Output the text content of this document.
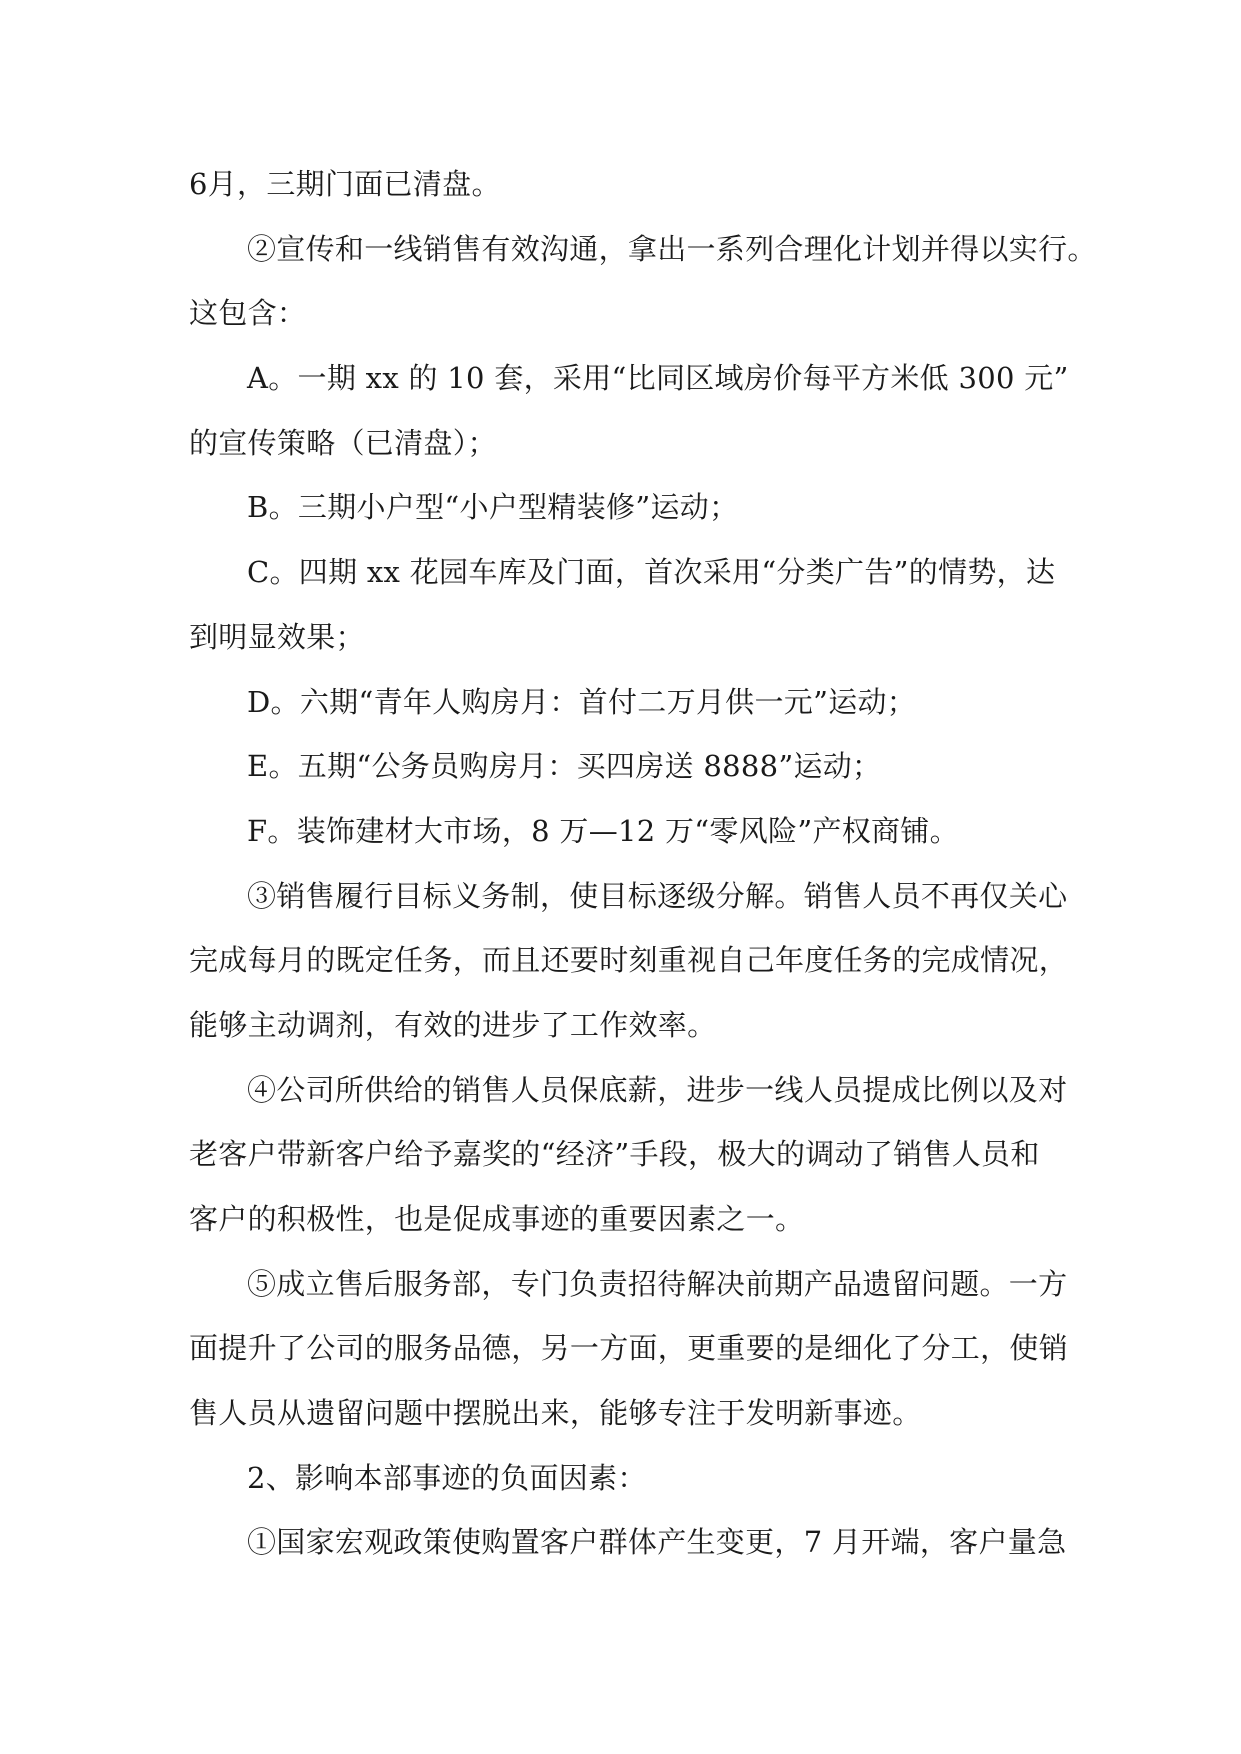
6月，三期门面已清盘。
②宣传和一线销售有效沟通，拿出一系列合理化计划并得以实行。
这包含：
A。一期 xx 的 10 套，采用“比同区域房价每平方米低 300 元”
的宣传策略（已清盘）；
B。三期小户型“小户型精装修”运动；
C。四期 xx 花园车库及门面，首次采用“分类广告”的情势，达
到明显效果；
D。六期“青年人购房月：首付二万月供一元”运动；
E。五期“公务员购房月：买四房送 8888”运动；
F。装饰建材大市场，8 万—12 万“零风险”产权商铺。
③销售履行目标义务制，使目标逐级分解。销售人员不再仅关心
完成每月的既定任务，而且还要时刻重视自己年度任务的完成情况，
能够主动调剂，有效的进步了工作效率。
④公司所供给的销售人员保底薪，进步一线人员提成比例以及对
老客户带新客户给予嘉奖的“经济”手段，极大的调动了销售人员和
客户的积极性，也是促成事迹的重要因素之一。
⑤成立售后服务部，专门负责招待解决前期产品遗留问题。一方
面提升了公司的服务品德，另一方面，更重要的是细化了分工，使销
售人员从遗留问题中摆脱出来，能够专注于发明新事迹。
2、影响本部事迹的负面因素：
①国家宏观政策使购置客户群体产生变更，7 月开端，客户量急
